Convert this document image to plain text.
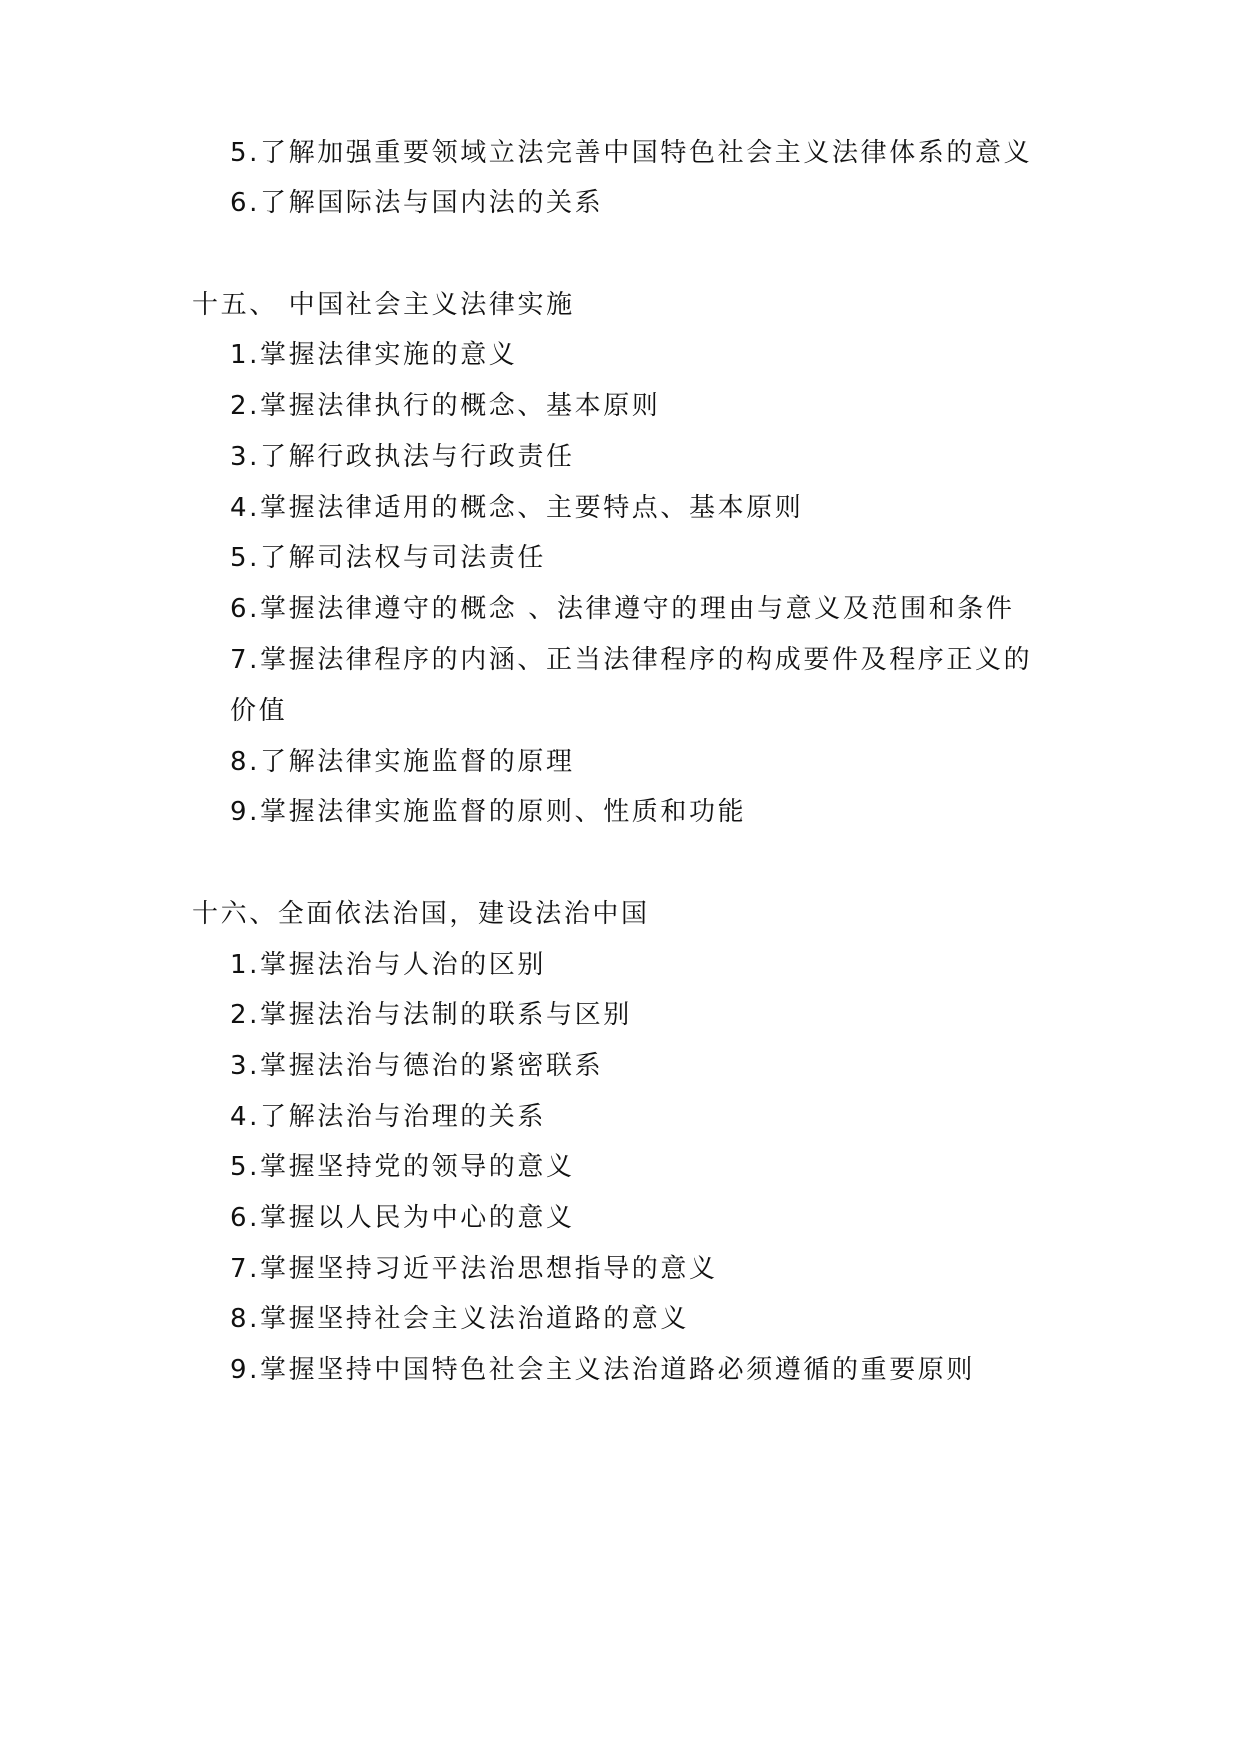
5.了解加强重要领域立法完善中国特色社会主义法律体系的意义
6.了解国际法与国内法的关系
十五、 中国社会主义法律实施
1.掌握法律实施的意义
2.掌握法律执行的概念、基本原则
3.了解行政执法与行政责任
4.掌握法律适用的概念、主要特点、基本原则
5.了解司法权与司法责任
6.掌握法律遵守的概念 、法律遵守的理由与意义及范围和条件
7.掌握法律程序的内涵、正当法律程序的构成要件及程序正义的
价值
8.了解法律实施监督的原理
9.掌握法律实施监督的原则、性质和功能
十六、全面依法治国，建设法治中国
1.掌握法治与人治的区别
2.掌握法治与法制的联系与区别
3.掌握法治与德治的紧密联系
4.了解法治与治理的关系
5.掌握坚持党的领导的意义
6.掌握以人民为中心的意义
7.掌握坚持习近平法治思想指导的意义
8.掌握坚持社会主义法治道路的意义
9.掌握坚持中国特色社会主义法治道路必须遵循的重要原则
